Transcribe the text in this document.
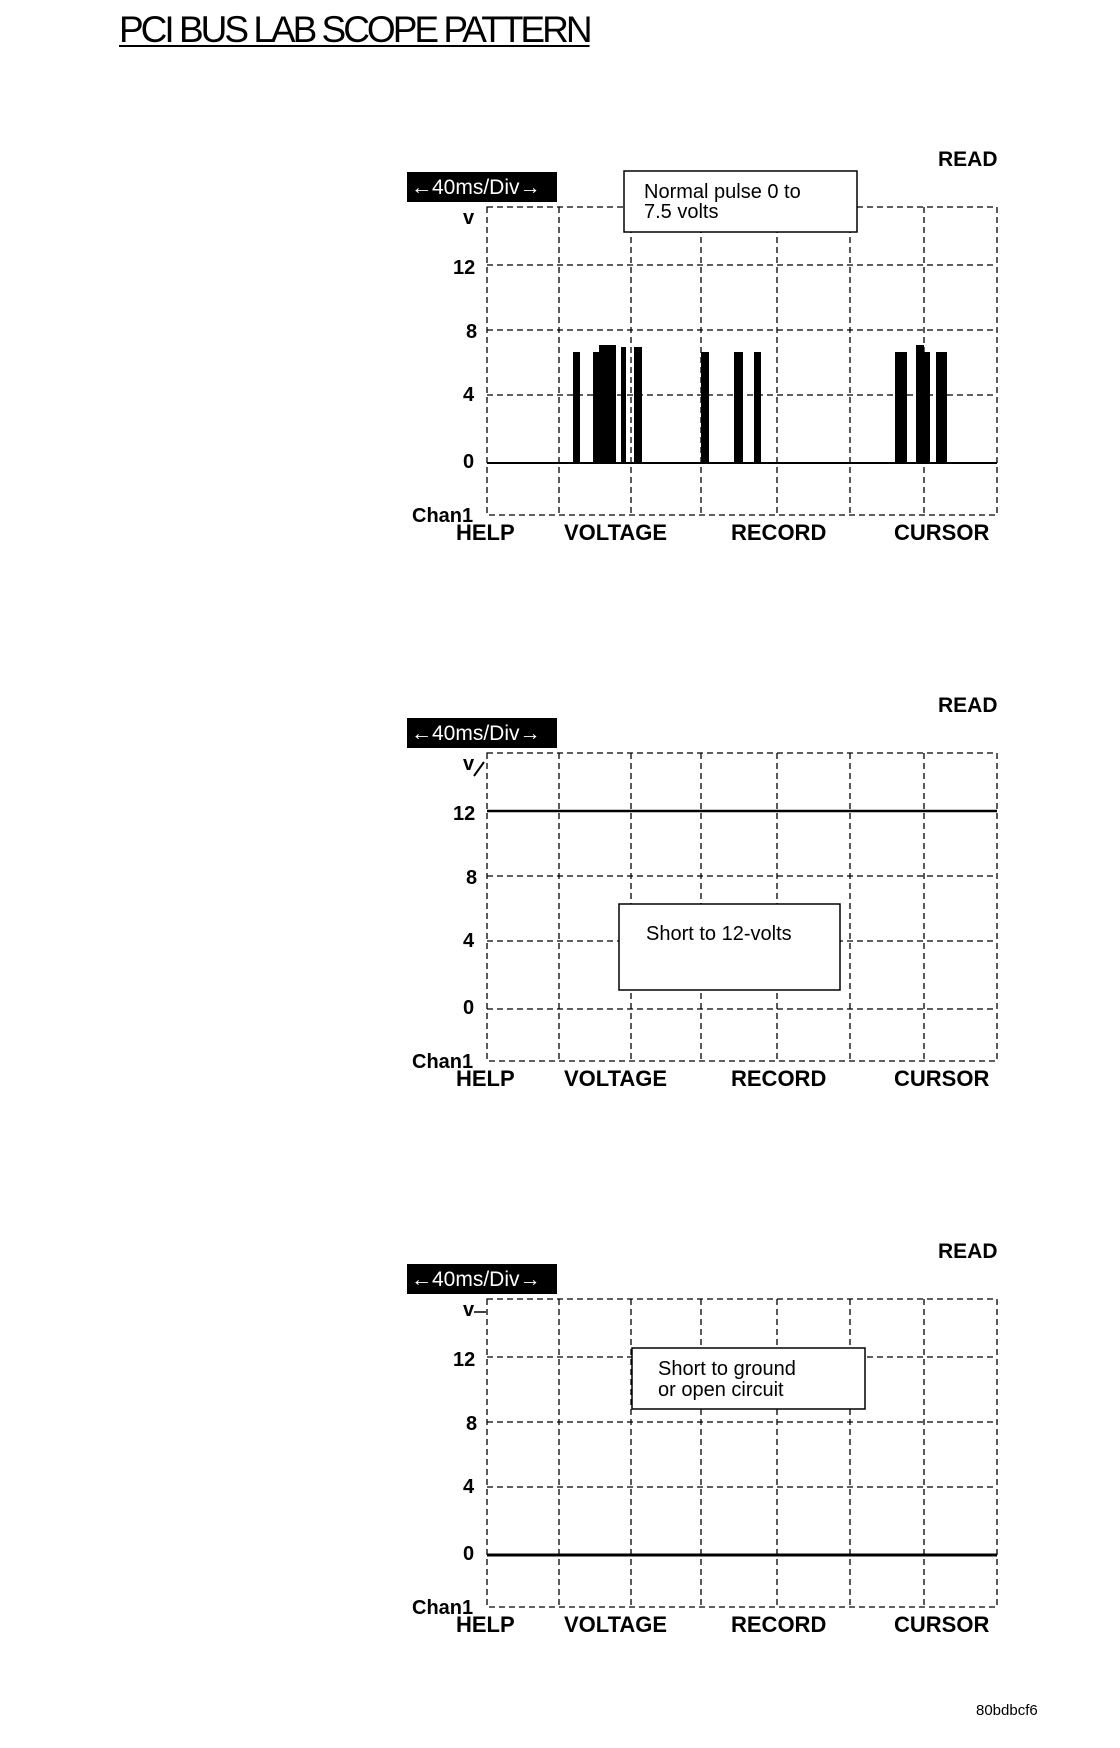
PCI BUS LAB SCOPE PATTERN
READ
←40ms/Div→
v
12
8
4
0
Chan1
Normal pulse 0 to
7.5 volts
HELP VOLTAGE	RECORD	CURSOR
READ
←40ms/Div→
v
12
8
4
0
Chan1
Short to 12-volts
HELP VOLTAGE	RECORD	CURSOR
READ
←40ms/Div→
v
12
8
4
0
Chan1
Short to ground
or open circuit
HELP VOLTAGE	RECORD	CURSOR
80bdbcf6
